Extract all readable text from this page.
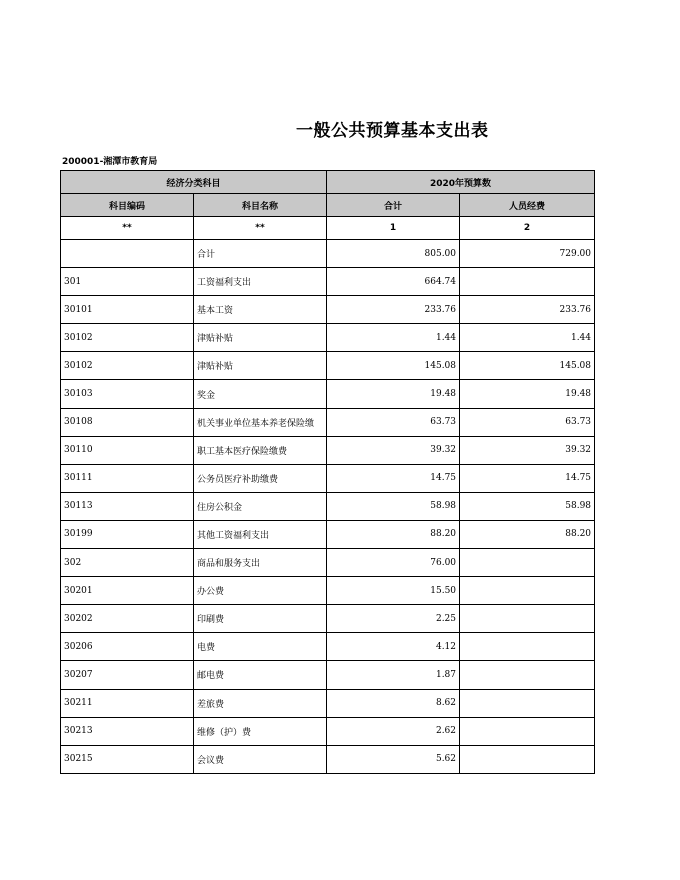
一般公共预算基本支出表
200001-湘潭市教育局
经济分类科目		2020年预算数	
科目编码	科目名称	合计	人员经费
**	**	1	2
	合计	805.00	729.00
301	工资福利支出	664.74	
30101	基本工资	233.76	233.76
30102	津贴补贴	1.44	1.44
30102	津贴补贴	145.08	145.08
30103	奖金	19.48	19.48
30108	机关事业单位基本养老保险缴	63.73	63.73
30110	职工基本医疗保险缴费	39.32	39.32
30111	公务员医疗补助缴费	14.75	14.75
30113	住房公积金	58.98	58.98
30199	其他工资福利支出	88.20	88.20
302	商品和服务支出	76.00	
30201	办公费	15.50	
30202	印刷费	2.25	
30206	电费	4.12	
30207	邮电费	1.87	
30211	差旅费	8.62	
30213	维修（护）费	2.62	
30215	会议费	5.62	
